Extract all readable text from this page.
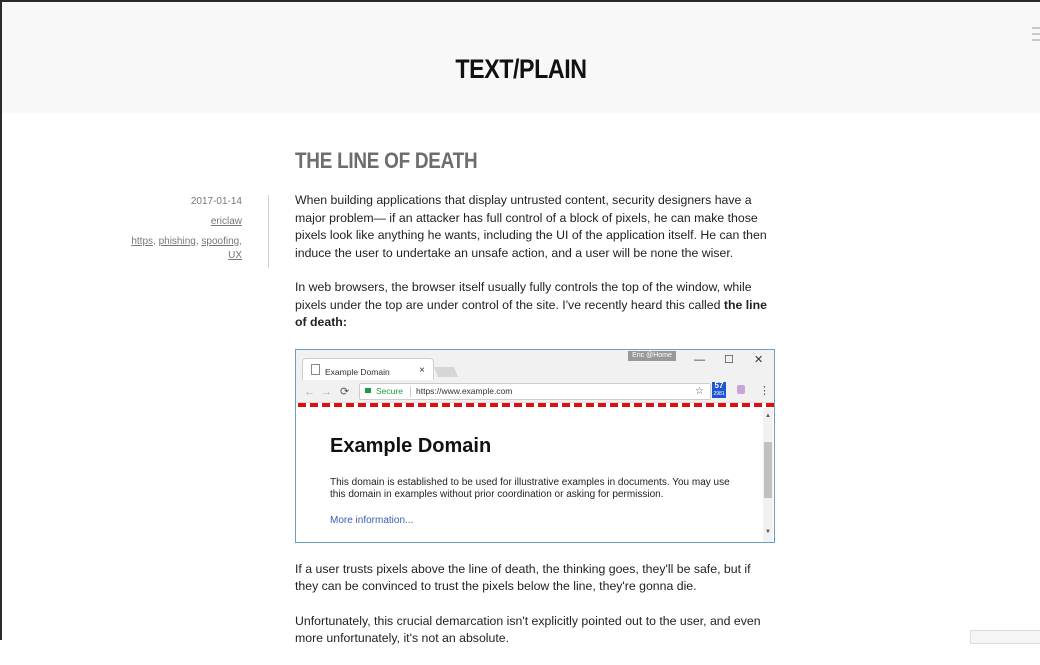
TEXT/PLAIN
THE LINE OF DEATH
2017-01-14
ericlaw
https, phishing, spoofing,
UX

When building applications that display untrusted content, security designers have a major problem— if an attacker has full control of a block of pixels, he can make those pixels look like anything he wants, including the UI of the application itself. He can then induce the user to undertake an unsafe action, and a user will be none the wiser.

In web browsers, the browser itself usually fully controls the top of the window, while pixels under the top are under control of the site. I've recently heard this called the line of death:

Example Domain	×
Eric @Home	— ☐ ✕
← → ⟳	Secure https://www.example.com	☆
57
2981	⋮
▲
▼
Example Domain
This domain is established to be used for illustrative examples in documents. You may use this domain in examples without prior coordination or asking for permission.
More information...

If a user trusts pixels above the line of death, the thinking goes, they'll be safe, but if they can be convinced to trust the pixels below the line, they're gonna die.

Unfortunately, this crucial demarcation isn't explicitly pointed out to the user, and even more unfortunately, it's not an absolute.
